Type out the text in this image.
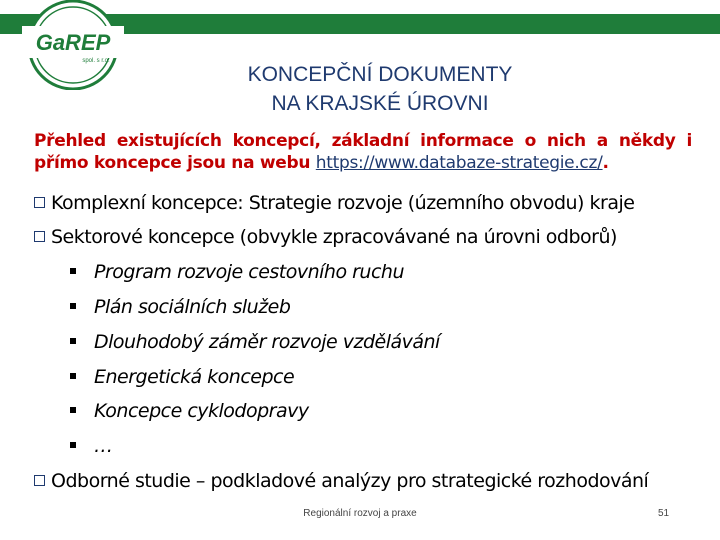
GaREP
spol. s r.o.
KONCEPČNÍ DOKUMENTY
NA KRAJSKÉ ÚROVNI
Přehled existujících koncepcí, základní informace o nich a někdy i přímo koncepce jsou na webu https://www.databaze-strategie.cz/.
Komplexní koncepce: Strategie rozvoje (územního obvodu) kraje
Sektorové koncepce (obvykle zpracovávané na úrovni odborů)
Program rozvoje cestovního ruchu
Plán sociálních služeb
Dlouhodobý záměr rozvoje vzdělávání
Energetická koncepce
Koncepce cyklodopravy
…
Odborné studie – podkladové analýzy pro strategické rozhodování
Regionální rozvoj a praxe	51
